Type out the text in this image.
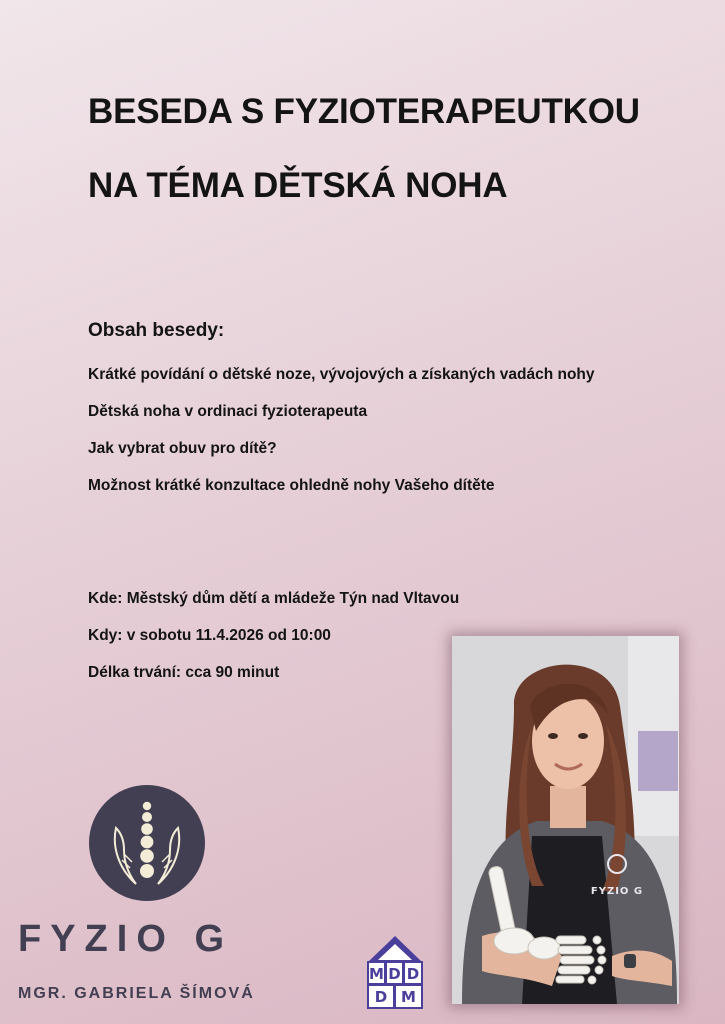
BESEDA S FYZIOTERAPEUTKOU
NA TÉMA DĚTSKÁ NOHA
Obsah besedy:
Krátké povídání o dětské noze, vývojových a získaných vadách nohy
Dětská noha v ordinaci fyzioterapeuta
Jak vybrat obuv pro dítě?
Možnost krátké konzultace ohledně nohy Vašeho dítěte
Kde: Městský dům dětí a mládeže Týn nad Vltavou
Kdy: v sobotu 11.4.2026 od 10:00
Délka trvání: cca 90 minut
FYZIO G
FYZIO G

MGR. GABRIELA ŠÍMOVÁ

M D D
D M
